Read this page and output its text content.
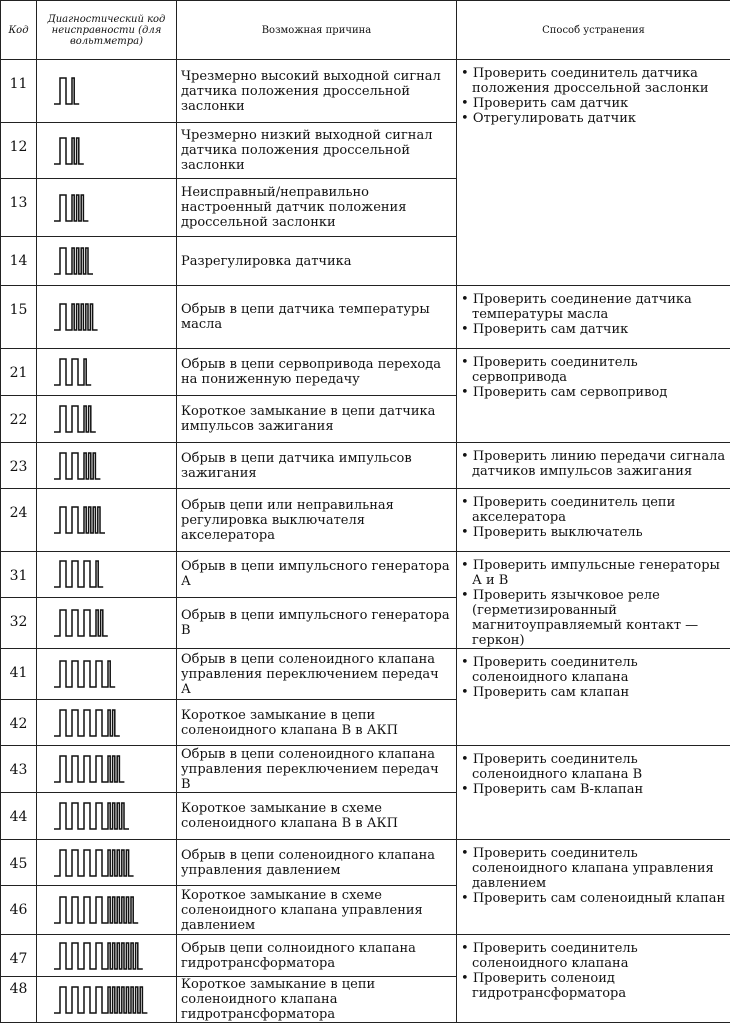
Код	Диагностический код неисправности (для вольтметра)	Возможная причина	Способ устранения
11		Чрезмерно высокий выходной сигнал датчика положения дроссельной заслонки	• Проверить соединитель датчика положения дроссельной заслонки
• Проверить сам датчик
• Отрегулировать датчик

12		Чрезмерно низкий выходной сигнал датчика положения дроссельной заслонки	
13		Неисправный/неправильно настроенный датчик положения дроссельной заслонки	
14		Разрегулировка датчика	
15		Обрыв в цепи датчика температуры масла	• Проверить соединение датчика температуры масла
• Проверить сам датчик

21		Обрыв в цепи сервопривода перехода на пониженную передачу	• Проверить соединитель сервопривода
• Проверить сам сервопривод

22		Короткое замыкание в цепи датчика импульсов зажигания	
23		Обрыв в цепи датчика импульсов зажигания	• Проверить линию передачи сигнала датчиков импульсов зажигания

24		Обрыв цепи или неправильная регулировка выключателя акселератора	• Проверить соединитель цепи акселератора
• Проверить выключатель

31		Обрыв в цепи импульсного генератора А	• Проверить импульсные генераторы А и В
• Проверить язычковое реле (герметизированный магнитоуправляемый контакт — геркон)

32		Обрыв в цепи импульсного генератора В	
41		Обрыв в цепи соленоидного клапана управления переключением передач А	• Проверить соединитель соленоидного клапана
• Проверить сам клапан

42		Короткое замыкание в цепи соленоидного клапана В в АКП	
43		Обрыв в цепи соленоидного клапана управления переключением передач В	• Проверить соединитель соленоидного клапана В
• Проверить сам В-клапан

44		Короткое замыкание в схеме соленоидного клапана В в АКП	
45		Обрыв в цепи соленоидного клапана управления давлением	• Проверить соединитель соленоидного клапана управления давлением
• Проверить сам соленоидный клапан

46		Короткое замыкание в схеме соленоидного клапана управления давлением	
47		Обрыв цепи солноидного клапана гидротрансформатора	• Проверить соединитель соленоидного клапана
• Проверить соленоид гидротрансформатора

48		Короткое замыкание в цепи соленоидного клапана гидротрансформатора	
